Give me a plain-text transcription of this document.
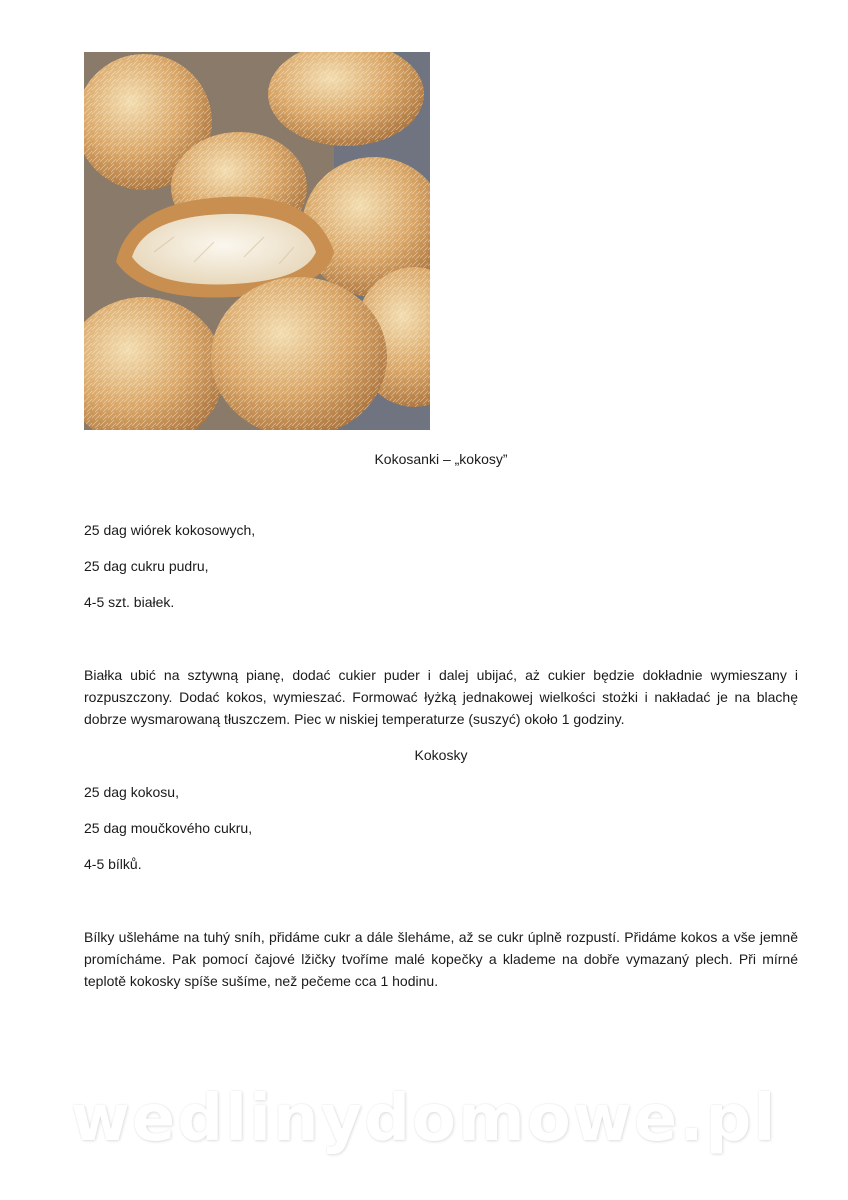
Kokosanki – „kokosy”
25 dag wiórek kokosowych,
25 dag cukru pudru,
4-5 szt. białek.
Białka ubić na sztywną pianę, dodać cukier puder i dalej ubijać, aż cukier będzie dokładnie wymieszany i
rozpuszczony. Dodać kokos, wymieszać. Formować łyżką jednakowej wielkości stożki i nakładać je na blachę
dobrze wysmarowaną tłuszczem. Piec w niskiej temperaturze (suszyć) około 1 godziny.
Kokosky
25 dag kokosu,
25 dag moučkového cukru,
4-5 bílků.
Bílky ušleháme na tuhý sníh, přidáme cukr a dále šleháme, až se cukr úplně rozpustí. Přidáme kokos a vše jemně
promícháme. Pak pomocí čajové lžičky tvoříme malé kopečky a klademe na dobře vymazaný plech. Při mírné
teplotě kokosky spíše sušíme, než pečeme cca 1 hodinu.
wedlinydomowe.pl
